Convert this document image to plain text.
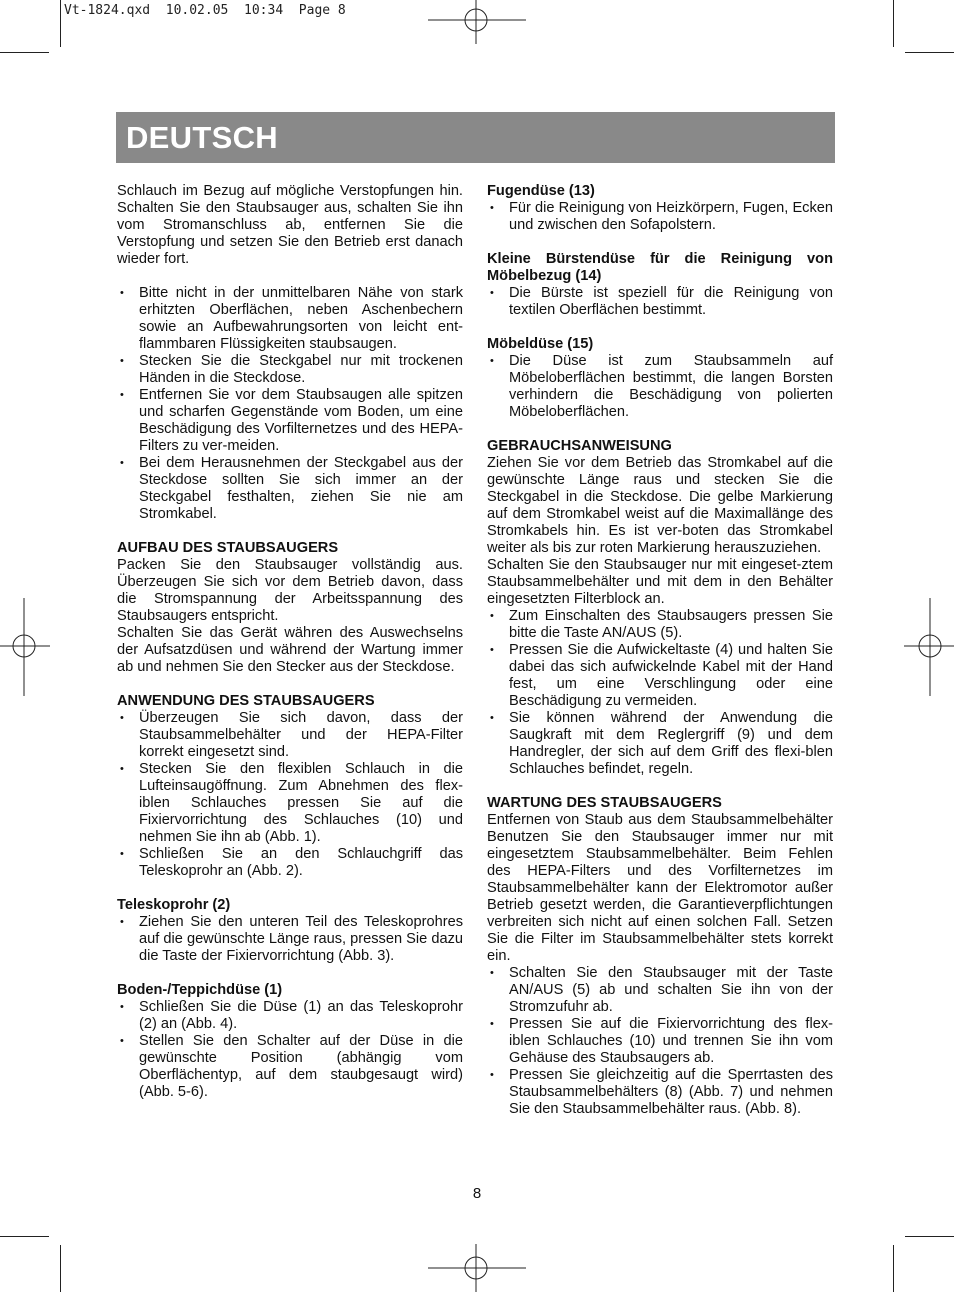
Vt-1824.qxd  10.02.05  10:34  Page 8
DEUTSCH

Schlauch im Bezug auf mögliche Verstopfungen hin. Schalten Sie den Staubsauger aus, schalten Sie ihn vom Stromanschluss ab, entfernen Sie die Verstopfung und setzen Sie den Betrieb erst danach wieder fort.

• Bitte nicht in der unmittelbaren Nähe von stark erhitzten Oberflächen, neben Aschenbechern sowie an Aufbewahrungsorten von leicht ent-flammbaren Flüssigkeiten staubsaugen.
• Stecken Sie die Steckgabel nur mit trockenen Händen in die Steckdose.
• Entfernen Sie vor dem Staubsaugen alle spitzen und scharfen Gegenstände vom Boden, um eine Beschädigung des Vorfilternetzes und des HEPA-Filters zu ver-meiden.
• Bei dem Herausnehmen der Steckgabel aus der Steckdose sollten Sie sich immer an der Steckgabel festhalten, ziehen Sie nie am Stromkabel.
AUFBAU DES STAUBSAUGERS

Packen Sie den Staubsauger vollständig aus. Überzeugen Sie sich vor dem Betrieb davon, dass die Stromspannung der Arbeitsspannung des Staubsaugers entspricht.

Schalten Sie das Gerät währen des Auswechselns der Aufsatzdüsen und während der Wartung immer ab und nehmen Sie den Stecker aus der Steckdose.

ANWENDUNG DES STAUBSAUGERS
• Überzeugen Sie sich davon, dass der Staubsammelbehälter und der HEPA-Filter korrekt eingesetzt sind.
• Stecken Sie den flexiblen Schlauch in die Lufteinsaugöffnung. Zum Abnehmen des flex-iblen Schlauches pressen Sie auf die Fixiervorrichtung des Schlauches (10) und nehmen Sie ihn ab (Abb. 1).
• Schließen Sie an den Schlauchgriff das Teleskoprohr an (Abb. 2).
Teleskoprohr (2)
• Ziehen Sie den unteren Teil des Teleskoprohres auf die gewünschte Länge raus, pressen Sie dazu die Taste der Fixiervorrichtung (Abb. 3).
Boden-/Teppichdüse (1)
• Schließen Sie die Düse (1) an das Teleskoprohr (2) an (Abb. 4).
• Stellen Sie den Schalter auf der Düse in die gewünschte Position (abhängig vom Oberflächentyp, auf dem staubgesaugt wird) (Abb. 5-6).
Fugendüse (13)
• Für die Reinigung von Heizkörpern, Fugen, Ecken und zwischen den Sofapolstern.
Kleine Bürstendüse für die Reinigung von Möbelbezug (14)
• Die Bürste ist speziell für die Reinigung von textilen Oberflächen bestimmt.
Möbeldüse (15)
• Die Düse ist zum Staubsammeln auf Möbeloberflächen bestimmt, die langen Borsten verhindern die Beschädigung von polierten Möbeloberflächen.
GEBRAUCHSANWEISUNG

Ziehen Sie vor dem Betrieb das Stromkabel auf die gewünschte Länge raus und stecken Sie die Steckgabel in die Steckdose. Die gelbe Markierung auf dem Stromkabel weist auf die Maximallänge des Stromkabels hin. Es ist ver-boten das Stromkabel weiter als bis zur roten Markierung herauszuziehen.

Schalten Sie den Staubsauger nur mit eingeset-ztem Staubsammelbehälter und mit dem in den Behälter eingesetzten Filterblock an.

• Zum Einschalten des Staubsaugers pressen Sie bitte die Taste AN/AUS (5).
• Pressen Sie die Aufwickeltaste (4) und halten Sie dabei das sich aufwickelnde Kabel mit der Hand fest, um eine Verschlingung oder eine Beschädigung zu vermeiden.
• Sie können während der Anwendung die Saugkraft mit dem Reglergriff (9) und dem Handregler, der sich auf dem Griff des flexi-blen Schlauches befindet, regeln.
WARTUNG DES STAUBSAUGERS

Entfernen von Staub aus dem Staubsammelbehälter

Benutzen Sie den Staubsauger immer nur mit eingesetztem Staubsammelbehälter. Beim Fehlen des HEPA-Filters und des Vorfilternetzes im Staubsammelbehälter kann der Elektromotor außer Betrieb gesetzt werden, die Garantieverpflichtungen verbreiten sich nicht auf einen solchen Fall. Setzen Sie die Filter im Staubsammelbehälter stets korrekt ein.

• Schalten Sie den Staubsauger mit der Taste AN/AUS (5) ab und schalten Sie ihn von der Stromzufuhr ab.
• Pressen Sie auf die Fixiervorrichtung des flex-iblen Schlauches (10) und trennen Sie ihn vom Gehäuse des Staubsaugers ab.
• Pressen Sie gleichzeitig auf die Sperrtasten des Staubsammelbehälters (8) (Abb. 7) und nehmen Sie den Staubsammelbehälter raus. (Abb. 8).
8
